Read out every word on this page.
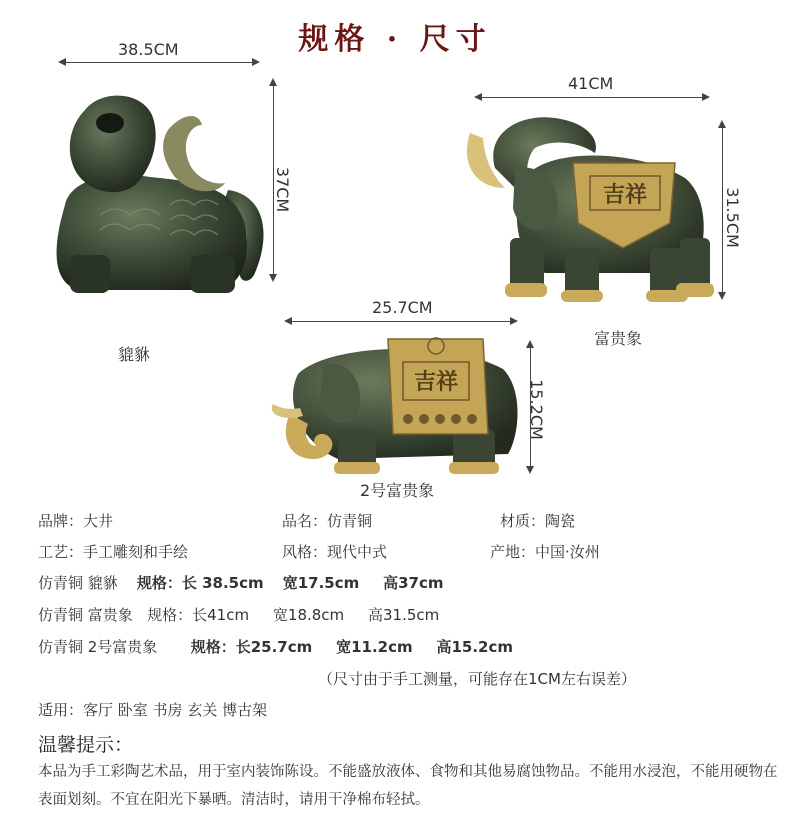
规格 · 尺寸
38.5CM
37CM
貔貅
41CM
31.5CM
吉祥
富贵象
25.7CM
15.2CM
吉祥
2号富贵象
品牌：大井	品名：仿青铜	材质：陶瓷
工艺：手工雕刻和手绘	风格：现代中式	产地：中国·汝州
仿青铜 貔貅 规格：长 38.5cm 宽17.5cm 高37cm
仿青铜 富贵象 规格：长41cm 宽18.8cm 高31.5cm
仿青铜 2号富贵象 规格：长25.7cm 宽11.2cm 高15.2cm
（尺寸由于手工测量，可能存在1CM左右误差）
适用：客厅 卧室 书房 玄关 博古架
温馨提示：
本品为手工彩陶艺术品，用于室内装饰陈设。不能盛放液体、食物和其他易腐蚀物品。不能用水浸泡，不能用硬物在表面划刻。不宜在阳光下暴晒。清洁时，请用干净棉布轻拭。
